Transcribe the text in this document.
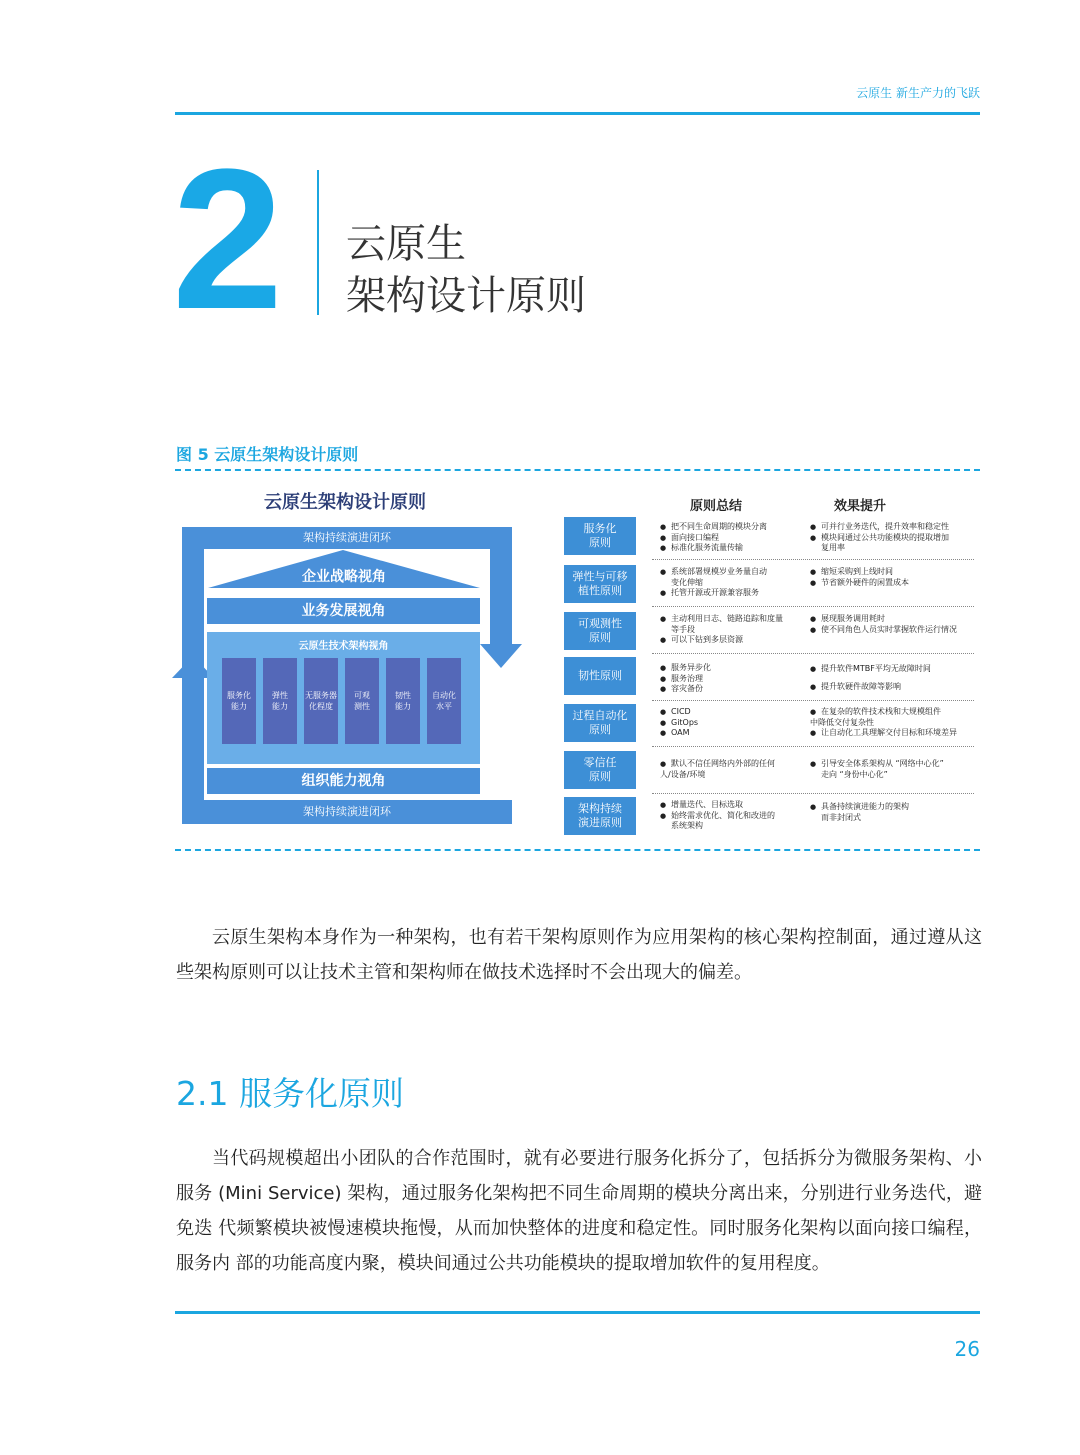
云原生 新生产力的飞跃
2 云原生
架构设计原则
图 5 云原生架构设计原则
云原生架构设计原则
架构持续演进闭环
企业战略视角
业务发展视角
云原生技术架构视角
服务化
能力
弹性
能力
无服务器
化程度
可观
测性
韧性
能力
自动化
水平
组织能力视角
架构持续演进闭环
原则总结	效果提升
服务化
原则
● 把不同生命周期的模块分离
● 面向接口编程
● 标准化服务流量传输
● 可并行业务迭代，提升效率和稳定性
● 模块间通过公共功能模块的提取增加
复用率
弹性与可移
植性原则
● 系统部署规模岁业务量自动
变化伸缩
● 托管开源或开源兼容服务
● 缩短采购到上线时间
● 节省额外硬件的闲置成本
可观测性
原则
● 主动利用日志、链路追踪和度量
等手段
● 可以下钻到多层资源
● 展现服务调用耗时
● 使不同角色人员实时掌握软件运行情况
韧性原则
● 服务异步化
● 服务治理
● 容灾备份
● 提升软件MTBF平均无故障时间
● 提升软硬件故障等影响
过程自动化
原则
● CICD
● GitOps
● OAM
● 在复杂的软件技术栈和大规模组件
中降低交付复杂性
● 让自动化工具理解交付目标和环境差异
零信任
原则
● 默认不信任网络内外部的任何
人/设备/环境
● 引导安全体系架构从 “网络中心化”
走向 “身份中心化”
架构持续
演进原则
● 增量迭代、目标选取
● 始终需求优化、简化和改进的
系统架构
● 具备持续演进能力的架构
而非封闭式
云原生架构本身作为一种架构，也有若干架构原则作为应用架构的核心架构控制面，通过遵从这些架构原则可以让技术主管和架构师在做技术选择时不会出现大的偏差。
2.1 服务化原则
当代码规模超出小团队的合作范围时，就有必要进行服务化拆分了，包括拆分为微服务架构、小服务 (Mini Service) 架构，通过服务化架构把不同生命周期的模块分离出来，分别进行业务迭代，避免迭 代频繁模块被慢速模块拖慢，从而加快整体的进度和稳定性。同时服务化架构以面向接口编程，服务内 部的功能高度内聚，模块间通过公共功能模块的提取增加软件的复用程度。
26
